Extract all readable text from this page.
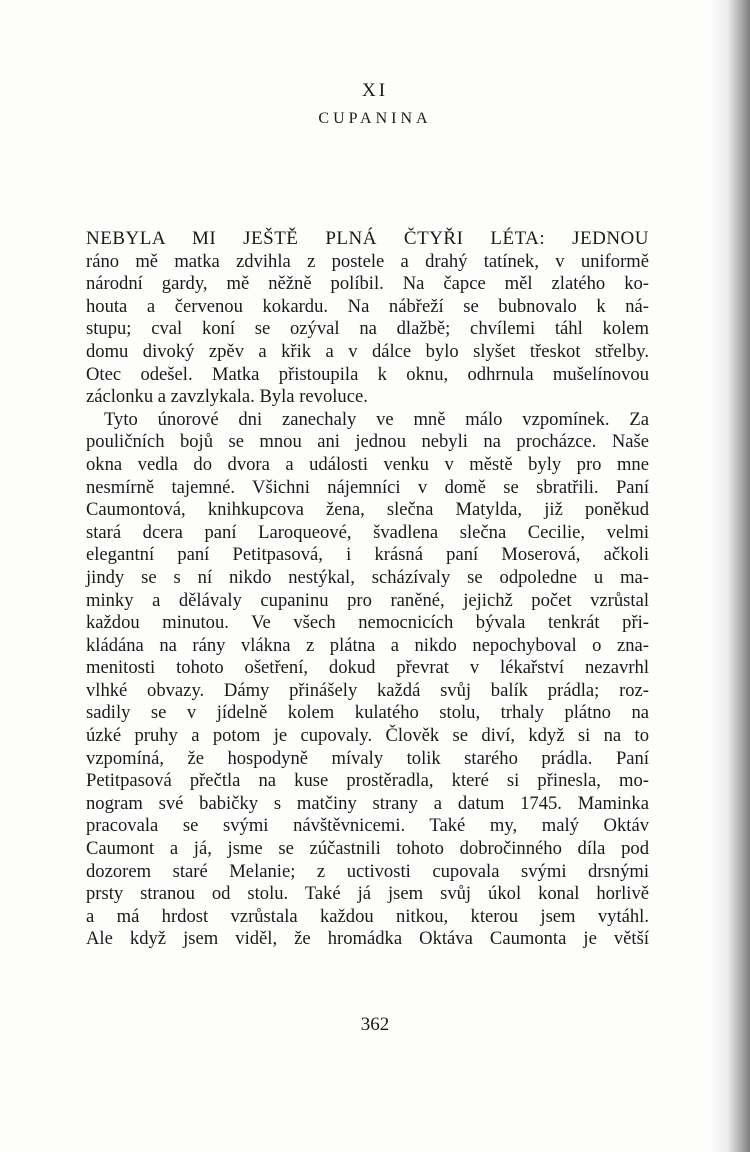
XI
CUPANINA
NEBYLA MI JEŠTĚ PLNÁ ČTYŘI LÉTA: JEDNOU
ráno mě matka zdvihla z postele a drahý tatínek, v uniformě
národní gardy, mě něžně políbil. Na čapce měl zlatého ko-
houta a červenou kokardu. Na nábřeží se bubnovalo k ná-
stupu; cval koní se ozýval na dlažbě; chvílemi táhl kolem
domu divoký zpěv a křik a v dálce bylo slyšet třeskot střelby.
Otec odešel. Matka přistoupila k oknu, odhrnula mušelínovou
záclonku a zavzlykala. Byla revoluce.
Tyto únorové dni zanechaly ve mně málo vzpomínek. Za
pouličních bojů se mnou ani jednou nebyli na procházce. Naše
okna vedla do dvora a události venku v městě byly pro mne
nesmírně tajemné. Všichni nájemníci v domě se sbratřili. Paní
Caumontová, knihkupcova žena, slečna Matylda, již poněkud
stará dcera paní Laroqueové, švadlena slečna Cecilie, velmi
elegantní paní Petitpasová, i krásná paní Moserová, ačkoli
jindy se s ní nikdo nestýkal, scházívaly se odpoledne u ma-
minky a dělávaly cupaninu pro raněné, jejichž počet vzrůstal
každou minutou. Ve všech nemocnicích bývala tenkrát při-
kládána na rány vlákna z plátna a nikdo nepochyboval o zna-
menitosti tohoto ošetření, dokud převrat v lékařství nezavrhl
vlhké obvazy. Dámy přinášely každá svůj balík prádla; roz-
sadily se v jídelně kolem kulatého stolu, trhaly plátno na
úzké pruhy a potom je cupovaly. Člověk se diví, když si na to
vzpomíná, že hospodyně mívaly tolik starého prádla. Paní
Petitpasová přečtla na kuse prostěradla, které si přinesla, mo-
nogram své babičky s matčiny strany a datum 1745. Maminka
pracovala se svými návštěvnicemi. Také my, malý Oktáv
Caumont a já, jsme se zúčastnili tohoto dobročinného díla pod
dozorem staré Melanie; z uctivosti cupovala svými drsnými
prsty stranou od stolu. Také já jsem svůj úkol konal horlivě
a má hrdost vzrůstala každou nitkou, kterou jsem vytáhl.
Ale když jsem viděl, že hromádka Oktáva Caumonta je větší
362
